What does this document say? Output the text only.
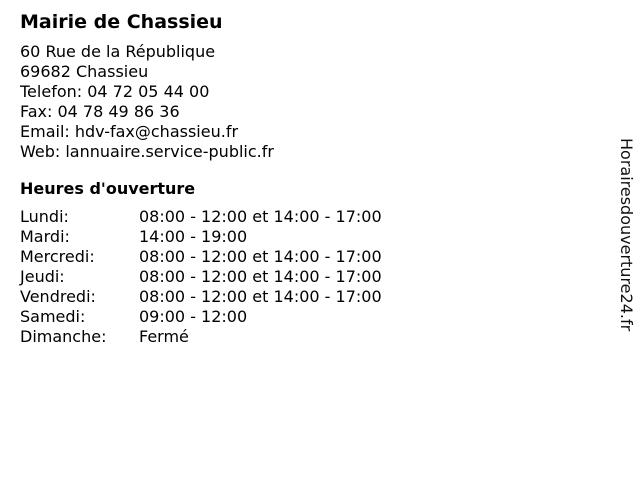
Mairie de Chassieu
60 Rue de la République
69682 Chassieu
Telefon: 04 72 05 44 00
Fax: 04 78 49 86 36
Email: hdv-fax@chassieu.fr
Web: lannuaire.service-public.fr
Heures d'ouverture
Lundi:	08:00 - 12:00 et 14:00 - 17:00
Mardi:	14:00 - 19:00
Mercredi:	08:00 - 12:00 et 14:00 - 17:00
Jeudi:	08:00 - 12:00 et 14:00 - 17:00
Vendredi:	08:00 - 12:00 et 14:00 - 17:00
Samedi:	09:00 - 12:00
Dimanche:	Fermé
Horairesdouverture24.fr
